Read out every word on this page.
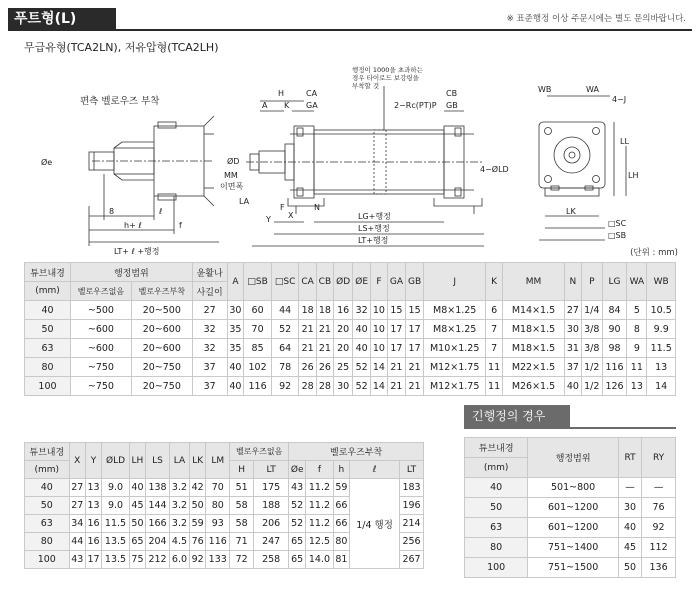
푸트형(L)	※ 표준행정 이상 주문시에는 별도 문의바랍니다.
무급유형(TCA2LN), 저유압형(TCA2LH)
편측 벨로우즈 부착
Øe
8	ℓ
f
h+ ℓ
LT+ ℓ +행정
H
A K
CA
GA
CB
GB
2−Rc(PT)P
행정이 1000을 초과하는
경우 타이로드 보강링을
부착할 것
ØD
MM
이면폭
LA
Y X
F	N
LG+행정
LS+행정
LT+행정
4−ØLD
WB	WA
4−J
LL
LH
LK
□SC
□SB
(단위 : mm)
튜브내경	행정범위		윤활나	A	□SB	□SC	CA	CB	ØD	ØE	F	GA	GB	J	K	MM	N	P	LG	WA	WB
(mm)	벨로우즈없음	벨로우즈부착	사길이																		
40	~500	20~500	27	30	60	44	18	18	16	32	10	15	15	M8×1.25	6	M14×1.5	27	1/4	84	5	10.5
50	~600	20~600	32	35	70	52	21	21	20	40	10	17	17	M8×1.25	7	M18×1.5	30	3/8	90	8	9.9
63	~600	20~600	32	35	85	64	21	21	20	40	10	17	17	M10×1.25	7	M18×1.5	31	3/8	98	9	11.5
80	~750	20~750	37	40	102	78	26	26	25	52	14	21	21	M12×1.75	11	M22×1.5	37	1/2	116	11	13
100	~750	20~750	37	40	116	92	28	28	30	52	14	21	21	M12×1.75	11	M26×1.5	40	1/2	126	13	14
튜브내경	X	Y	ØLD	LH	LS	LA	LK	LM	벨로우즈없음		벨로우즈부착				
(mm)									H	LT	Øe	f	h	ℓ	LT
40	27	13	9.0	40	138	3.2	42	70	51	175	43	11.2	59	1/4 행정	183
50	27	13	9.0	45	144	3.2	50	80	58	188	52	11.2	66		196
63	34	16	11.5	50	166	3.2	59	93	58	206	52	11.2	66		214
80	44	16	13.5	65	204	4.5	76	116	71	247	65	12.5	80		256
100	43	17	13.5	75	212	6.0	92	133	72	258	65	14.0	81		267
긴행정의 경우
튜브내경	행정범위	RT	RY
(mm)			
40	501~800	—	—
50	601~1200	30	76
63	601~1200	40	92
80	751~1400	45	112
100	751~1500	50	136
